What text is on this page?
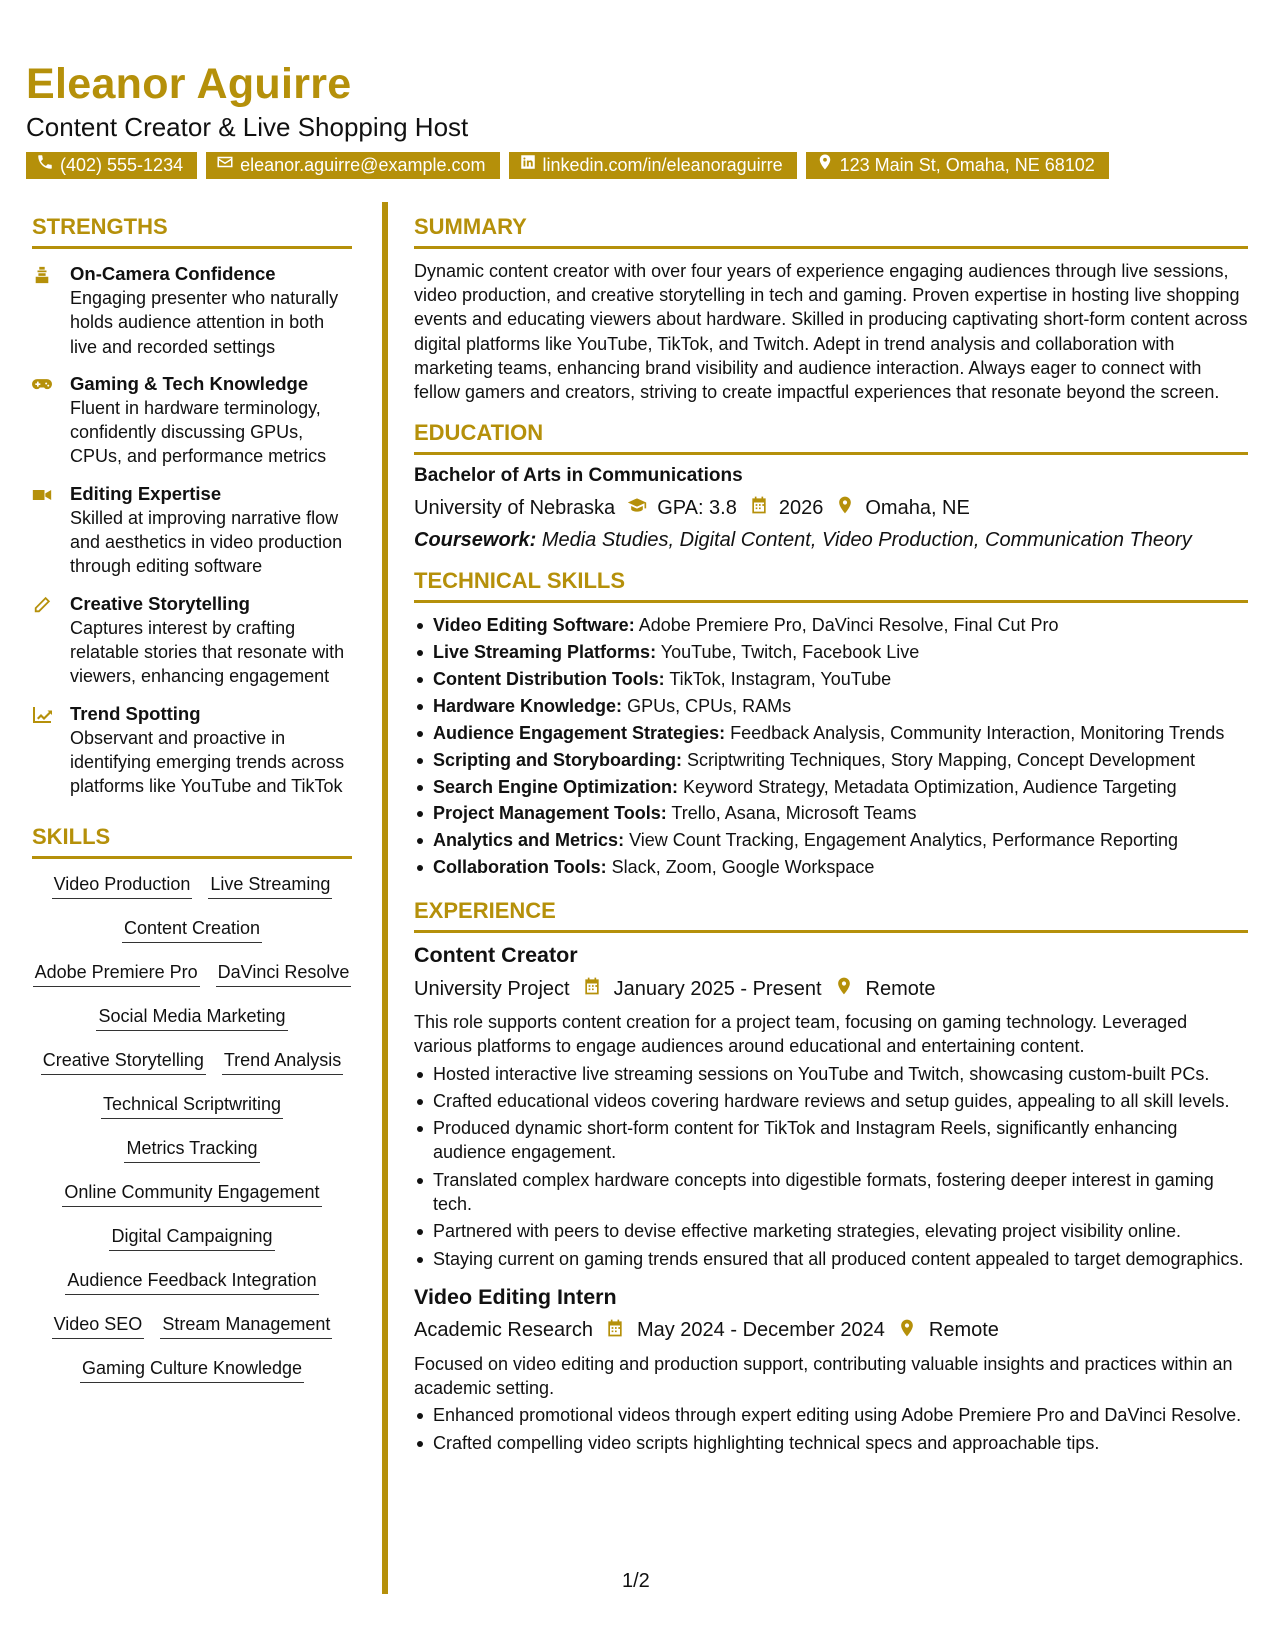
Eleanor Aguirre
Content Creator & Live Shopping Host
(402) 555-1234	eleanor.aguirre@example.com	linkedin.com/in/eleanoraguirre	123 Main St, Omaha, NE 68102
STRENGTHS
On-Camera Confidence
Engaging presenter who naturally holds audience attention in both live and recorded settings
Gaming & Tech Knowledge
Fluent in hardware terminology, confidently discussing GPUs, CPUs, and performance metrics
Editing Expertise
Skilled at improving narrative flow and aesthetics in video production through editing software
Creative Storytelling
Captures interest by crafting relatable stories that resonate with viewers, enhancing engagement
Trend Spotting
Observant and proactive in identifying emerging trends across platforms like YouTube and TikTok
SKILLS
Video Production Live Streaming
Content Creation
Adobe Premiere Pro DaVinci Resolve
Social Media Marketing
Creative Storytelling Trend Analysis
Technical Scriptwriting
Metrics Tracking
Online Community Engagement
Digital Campaigning
Audience Feedback Integration
Video SEO Stream Management
Gaming Culture Knowledge
SUMMARY
Dynamic content creator with over four years of experience engaging audiences through live sessions, video production, and creative storytelling in tech and gaming. Proven expertise in hosting live shopping events and educating viewers about hardware. Skilled in producing captivating short-form content across digital platforms like YouTube, TikTok, and Twitch. Adept in trend analysis and collaboration with marketing teams, enhancing brand visibility and audience interaction. Always eager to connect with fellow gamers and creators, striving to create impactful experiences that resonate beyond the screen.
EDUCATION
Bachelor of Arts in Communications
University of Nebraska GPA: 3.8 2026 Omaha, NE
Coursework: Media Studies, Digital Content, Video Production, Communication Theory
TECHNICAL SKILLS
Video Editing Software: Adobe Premiere Pro, DaVinci Resolve, Final Cut Pro
Live Streaming Platforms: YouTube, Twitch, Facebook Live
Content Distribution Tools: TikTok, Instagram, YouTube
Hardware Knowledge: GPUs, CPUs, RAMs
Audience Engagement Strategies: Feedback Analysis, Community Interaction, Monitoring Trends
Scripting and Storyboarding: Scriptwriting Techniques, Story Mapping, Concept Development
Search Engine Optimization: Keyword Strategy, Metadata Optimization, Audience Targeting
Project Management Tools: Trello, Asana, Microsoft Teams
Analytics and Metrics: View Count Tracking, Engagement Analytics, Performance Reporting
Collaboration Tools: Slack, Zoom, Google Workspace
EXPERIENCE
Content Creator
University Project January 2025 - Present Remote
This role supports content creation for a project team, focusing on gaming technology. Leveraged various platforms to engage audiences around educational and entertaining content.
Hosted interactive live streaming sessions on YouTube and Twitch, showcasing custom-built PCs.
Crafted educational videos covering hardware reviews and setup guides, appealing to all skill levels.
Produced dynamic short-form content for TikTok and Instagram Reels, significantly enhancing audience engagement.
Translated complex hardware concepts into digestible formats, fostering deeper interest in gaming tech.
Partnered with peers to devise effective marketing strategies, elevating project visibility online.
Staying current on gaming trends ensured that all produced content appealed to target demographics.
Video Editing Intern
Academic Research May 2024 - December 2024 Remote
Focused on video editing and production support, contributing valuable insights and practices within an academic setting.
Enhanced promotional videos through expert editing using Adobe Premiere Pro and DaVinci Resolve.
Crafted compelling video scripts highlighting technical specs and approachable tips.
1/2
